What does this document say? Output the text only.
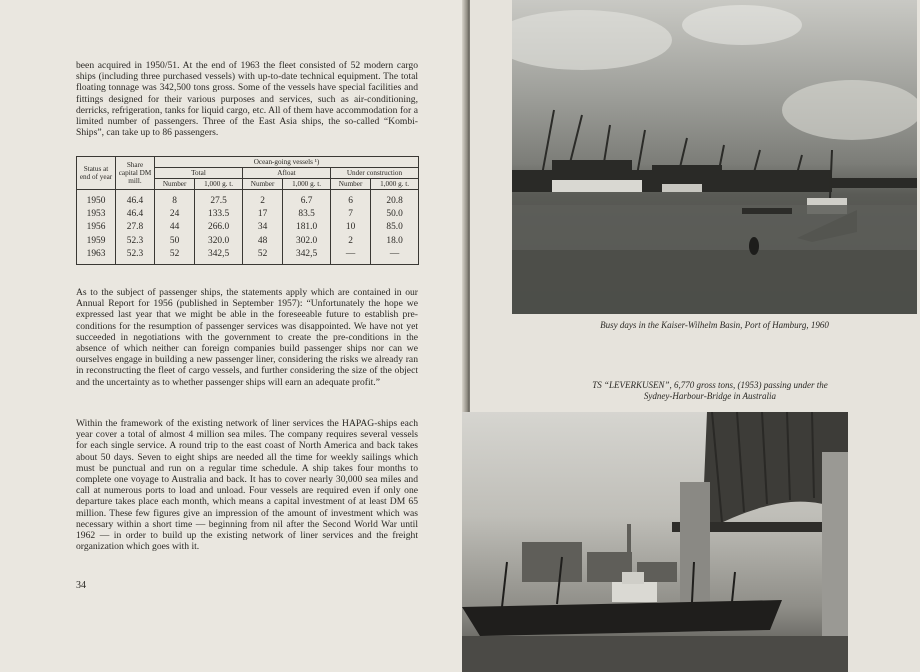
been acquired in 1950/51. At the end of 1963 the fleet consisted of 52 modern cargo ships (including three purchased vessels) with up-to-date technical equipment. The total floating tonnage was 342,500 tons gross. Some of the vessels have special facilities and fittings designed for their various purposes and services, such as air-conditioning, derricks, refrigeration, tanks for liquid cargo, etc. All of them have accommodation for a limited number of passengers. Three of the East Asia ships, the so-called “Kombi-Ships”, can take up to 86 passengers.

Status at end of year	Share capital DM mill.	Ocean-going vessels ¹)					
		Total		Afloat		Under construction	
		Number	1,000 g. t.	Number	1,000 g. t.	Number	1,000 g. t.
1950	46.4	8	27.5	2	6.7	6	20.8
1953	46.4	24	133.5	17	83.5	7	50.0
1956	27.8	44	266.0	34	181.0	10	85.0
1959	52.3	50	320.0	48	302.0	2	18.0
1963	52.3	52	342,5	52	342,5	—	—

As to the subject of passenger ships, the statements apply which are contained in our Annual Report for 1956 (published in September 1957): “Unfortunately the hope we expressed last year that we might be able in the foreseeable future to establish pre-conditions for the resumption of passenger services was disappointed. We have not yet succeeded in negotiations with the government to create the pre-conditions in the absence of which neither can foreign companies build passenger ships nor can we ourselves engage in building a new passenger liner, considering the risks we already ran in reconstructing the fleet of cargo vessels, and further considering the size of the object and the uncertainty as to whether passenger ships will earn an adequate profit.”

Within the framework of the existing network of liner services the HAPAG-ships each year cover a total of almost 4 million sea miles. The company requires several vessels for each single service. A round trip to the east coast of North America and back takes about 50 days. Seven to eight ships are needed all the time for weekly sailings which must be punctual and run on a regular time schedule. A ship takes four months to complete one voyage to Australia and back. It has to cover nearly 30,000 sea miles and call at numerous ports to load and unload. Four vessels are required even if only one departure takes place each month, which means a capital investment of at least DM 65 million. These few figures give an impression of the amount of investment which was necessary within a short time — beginning from nil after the Second World War until 1962 — in order to build up the existing network of liner services and the freight organization which goes with it.

34
Busy days in the Kaiser-Wilhelm Basin, Port of Hamburg, 1960
TS “LEVERKUSEN”, 6,770 gross tons, (1953) passing under the
Sydney-Harbour-Bridge in Australia
